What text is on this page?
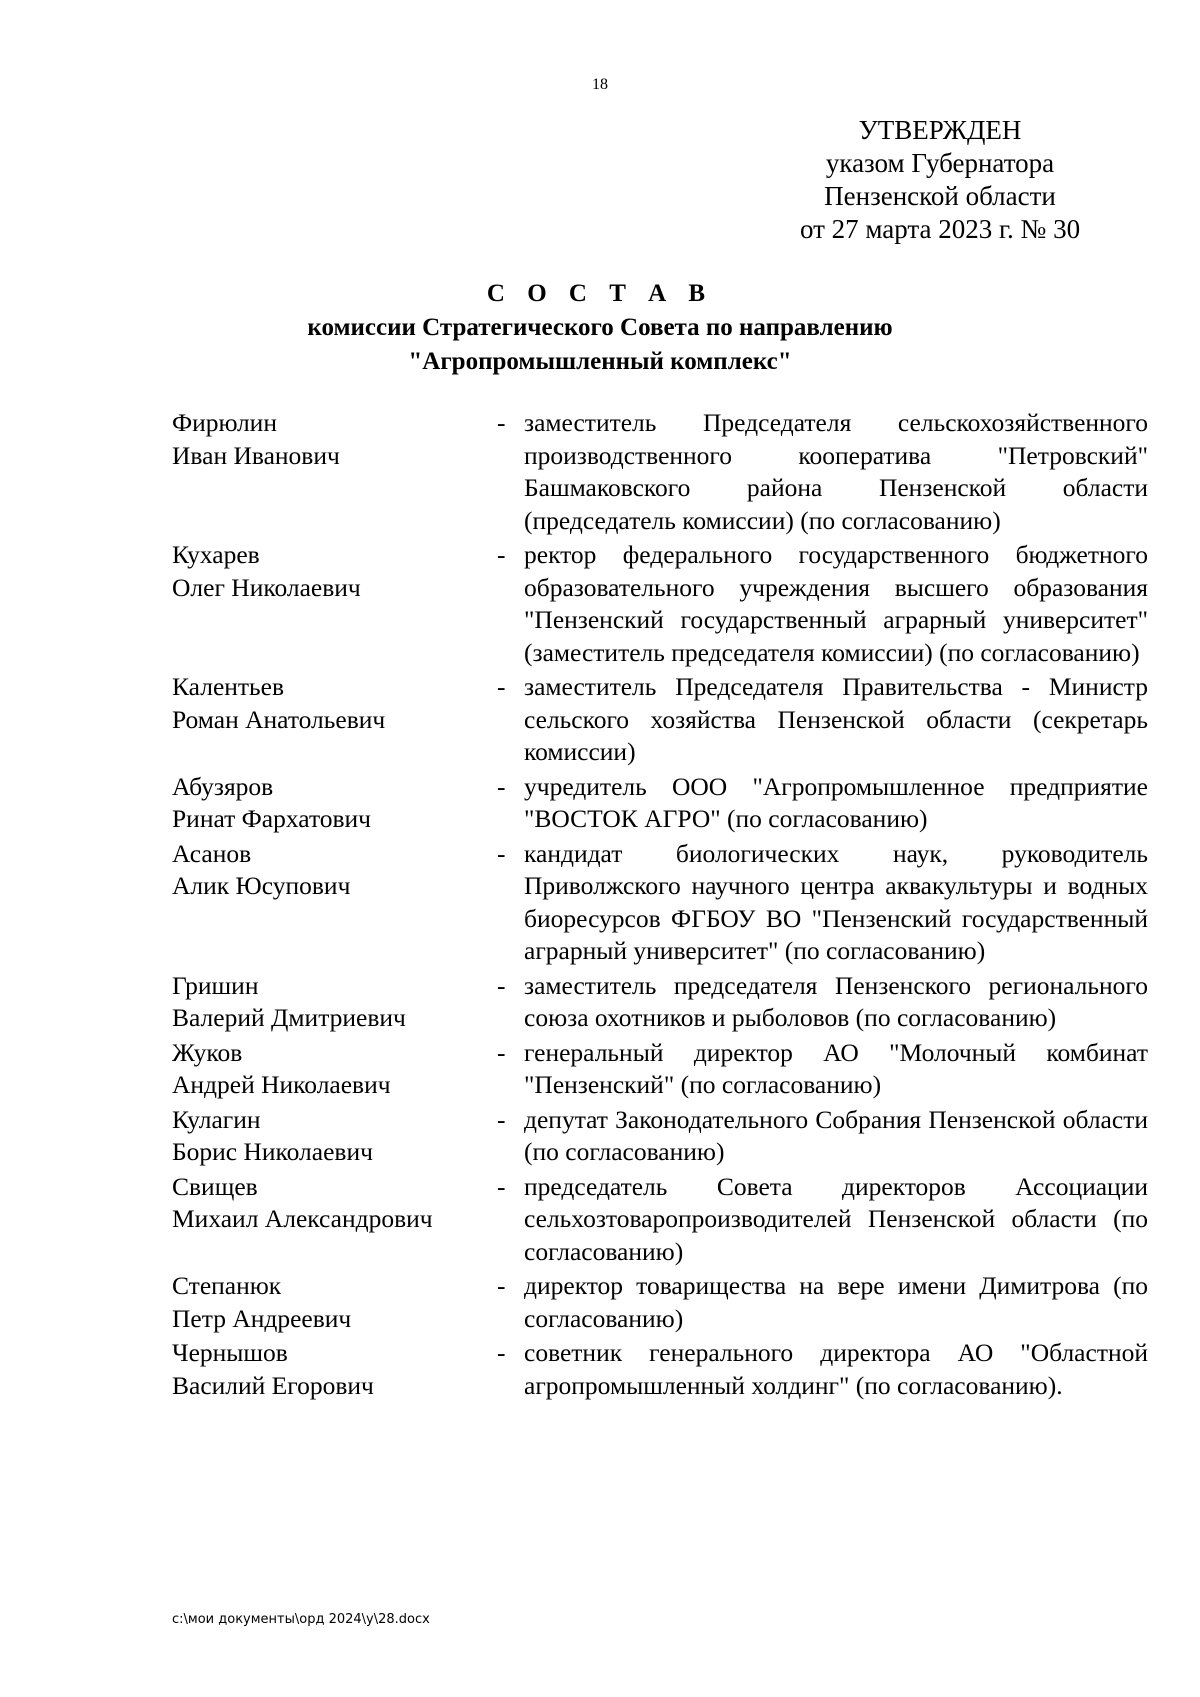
18
УТВЕРЖДЕН
указом Губернатора
Пензенской области
от 27 марта 2023 г. № 30
С О С Т А В
комиссии Стратегического Совета по направлению
"Агропромышленный комплекс"
Фирюлин
Иван Иванович
- заместитель Председателя сельскохозяйственного производственного кооператива "Петровский" Башмаковского района Пензенской области (председатель комиссии) (по согласованию)
Кухарев
Олег Николаевич
- ректор федерального государственного бюджетного образовательного учреждения высшего образования "Пензенский государственный аграрный университет" (заместитель председателя комиссии) (по согласованию)
Калентьев
Роман Анатольевич
- заместитель Председателя Правительства - Министр сельского хозяйства Пензенской области (секретарь комиссии)
Абузяров
Ринат Фархатович
- учредитель ООО "Агропромышленное предприятие "ВОСТОК АГРО" (по согласованию)
Асанов
Алик Юсупович
- кандидат биологических наук, руководитель Приволжского научного центра аквакультуры и водных биоресурсов ФГБОУ ВО "Пензенский государственный аграрный университет" (по согласованию)
Гришин
Валерий Дмитриевич
- заместитель председателя Пензенского регионального союза охотников и рыболовов (по согласованию)
Жуков
Андрей Николаевич
- генеральный директор АО "Молочный комбинат "Пензенский" (по согласованию)
Кулагин
Борис Николаевич
- депутат Законодательного Собрания Пензенской области (по согласованию)
Свищев
Михаил Александрович
- председатель Совета директоров Ассоциации сельхозтоваропроизводителей Пензенской области (по согласованию)
Степанюк
Петр Андреевич
- директор товарищества на вере имени Димитрова (по согласованию)
Чернышов
Василий Егорович
- советник генерального директора АО "Областной агропромышленный холдинг" (по согласованию).
c:\мои документы\орд 2024\у\28.docx
